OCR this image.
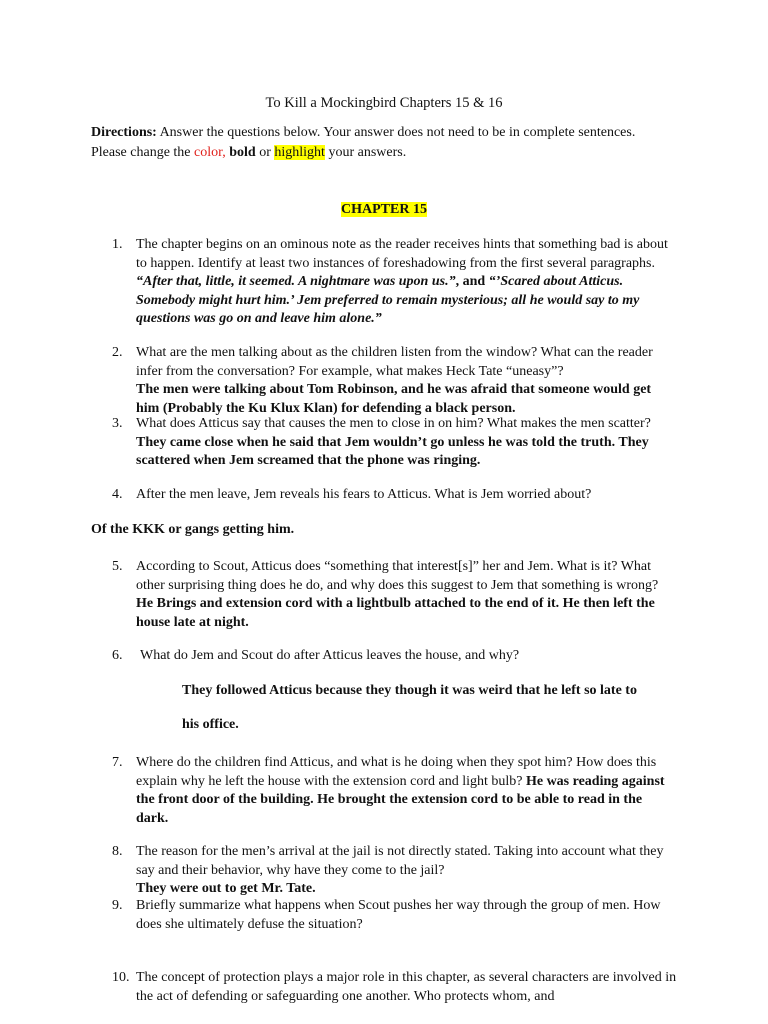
To Kill a Mockingbird Chapters 15 & 16
Directions: Answer the questions below. Your answer does not need to be in complete sentences. Please change the color, bold or highlight your answers.
CHAPTER 15
1. The chapter begins on an ominous note as the reader receives hints that something bad is about to happen. Identify at least two instances of foreshadowing from the first several paragraphs.
“After that, little, it seemed. A nightmare was upon us.”, and “’Scared about Atticus. Somebody might hurt him.’ Jem preferred to remain mysterious; all he would say to my questions was go on and leave him alone.”
2. What are the men talking about as the children listen from the window? What can the reader infer from the conversation? For example, what makes Heck Tate “uneasy”?
The men were talking about Tom Robinson, and he was afraid that someone would get him (Probably the Ku Klux Klan) for defending a black person.
3. What does Atticus say that causes the men to close in on him? What makes the men scatter? They came close when he said that Jem wouldn’t go unless he was told the truth. They scattered when Jem screamed that the phone was ringing.
4. After the men leave, Jem reveals his fears to Atticus. What is Jem worried about?
Of the KKK or gangs getting him.
5. According to Scout, Atticus does “something that interest[s]” her and Jem. What is it? What other surprising thing does he do, and why does this suggest to Jem that something is wrong? He Brings and extension cord with a lightbulb attached to the end of it. He then left the house late at night.
6. What do Jem and Scout do after Atticus leaves the house, and why?
They followed Atticus because they though it was weird that he left so late to
his office.
7. Where do the children find Atticus, and what is he doing when they spot him? How does this explain why he left the house with the extension cord and light bulb? He was reading against the front door of the building. He brought the extension cord to be able to read in the dark.
8. The reason for the men’s arrival at the jail is not directly stated. Taking into account what they say and their behavior, why have they come to the jail?
They were out to get Mr. Tate.
9. Briefly summarize what happens when Scout pushes her way through the group of men. How does she ultimately defuse the situation?
10. The concept of protection plays a major role in this chapter, as several characters are involved in the act of defending or safeguarding one another. Who protects whom, and
